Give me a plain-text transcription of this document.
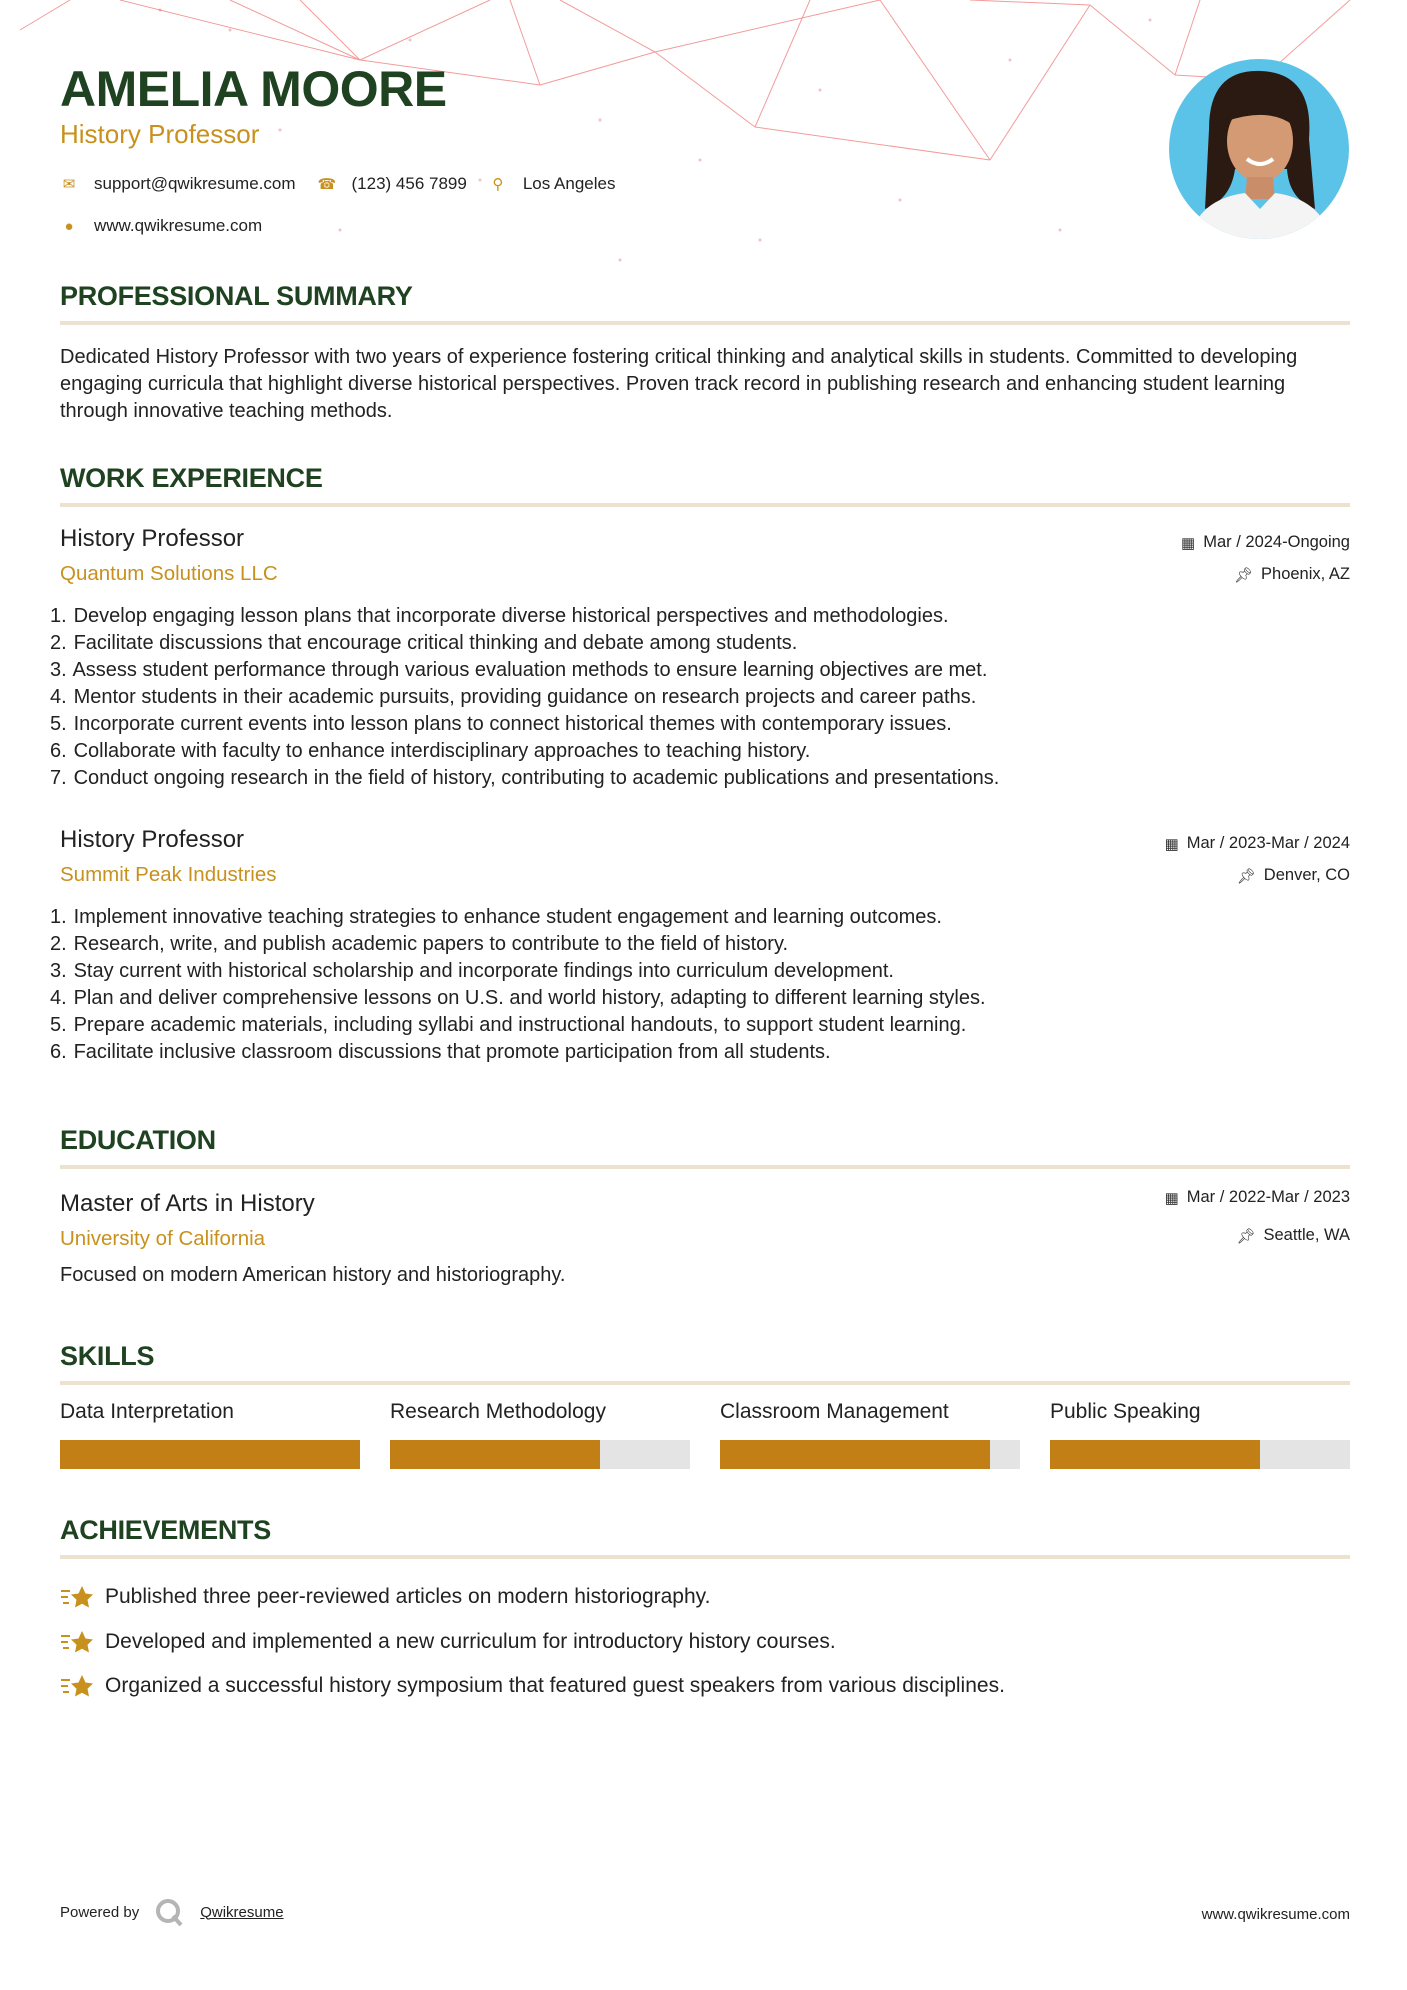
AMELIA MOORE
History Professor
✉ support@qwikresume.com ☎ (123) 456 7899 ⚲ Los Angeles
● www.qwikresume.com
PROFESSIONAL SUMMARY

Dedicated History Professor with two years of experience fostering critical thinking and analytical skills in students. Committed to developing engaging curricula that highlight diverse historical perspectives. Proven track record in publishing research and enhancing student learning through innovative teaching methods.

WORK EXPERIENCE
History Professor
Quantum Solutions LLC
▦ Mar / 2024-Ongoing
📌︎ Phoenix, AZ
1. Develop engaging lesson plans that incorporate diverse historical perspectives and methodologies.
2. Facilitate discussions that encourage critical thinking and debate among students.
3. Assess student performance through various evaluation methods to ensure learning objectives are met.
4. Mentor students in their academic pursuits, providing guidance on research projects and career paths.
5. Incorporate current events into lesson plans to connect historical themes with contemporary issues.
6. Collaborate with faculty to enhance interdisciplinary approaches to teaching history.
7. Conduct ongoing research in the field of history, contributing to academic publications and presentations.
History Professor
Summit Peak Industries
▦ Mar / 2023-Mar / 2024
📌︎ Denver, CO
1. Implement innovative teaching strategies to enhance student engagement and learning outcomes.
2. Research, write, and publish academic papers to contribute to the field of history.
3. Stay current with historical scholarship and incorporate findings into curriculum development.
4. Plan and deliver comprehensive lessons on U.S. and world history, adapting to different learning styles.
5. Prepare academic materials, including syllabi and instructional handouts, to support student learning.
6. Facilitate inclusive classroom discussions that promote participation from all students.
EDUCATION
Master of Arts in History
University of California
▦ Mar / 2022-Mar / 2023
📌︎ Seattle, WA

Focused on modern American history and historiography.

SKILLS
Data Interpretation	Research Methodology	Classroom Management	Public Speaking
ACHIEVEMENTS
Published three peer-reviewed articles on modern historiography.
Developed and implemented a new curriculum for introductory history courses.
Organized a successful history symposium that featured guest speakers from various disciplines.
Powered by	Qwikresume	www.qwikresume.com
